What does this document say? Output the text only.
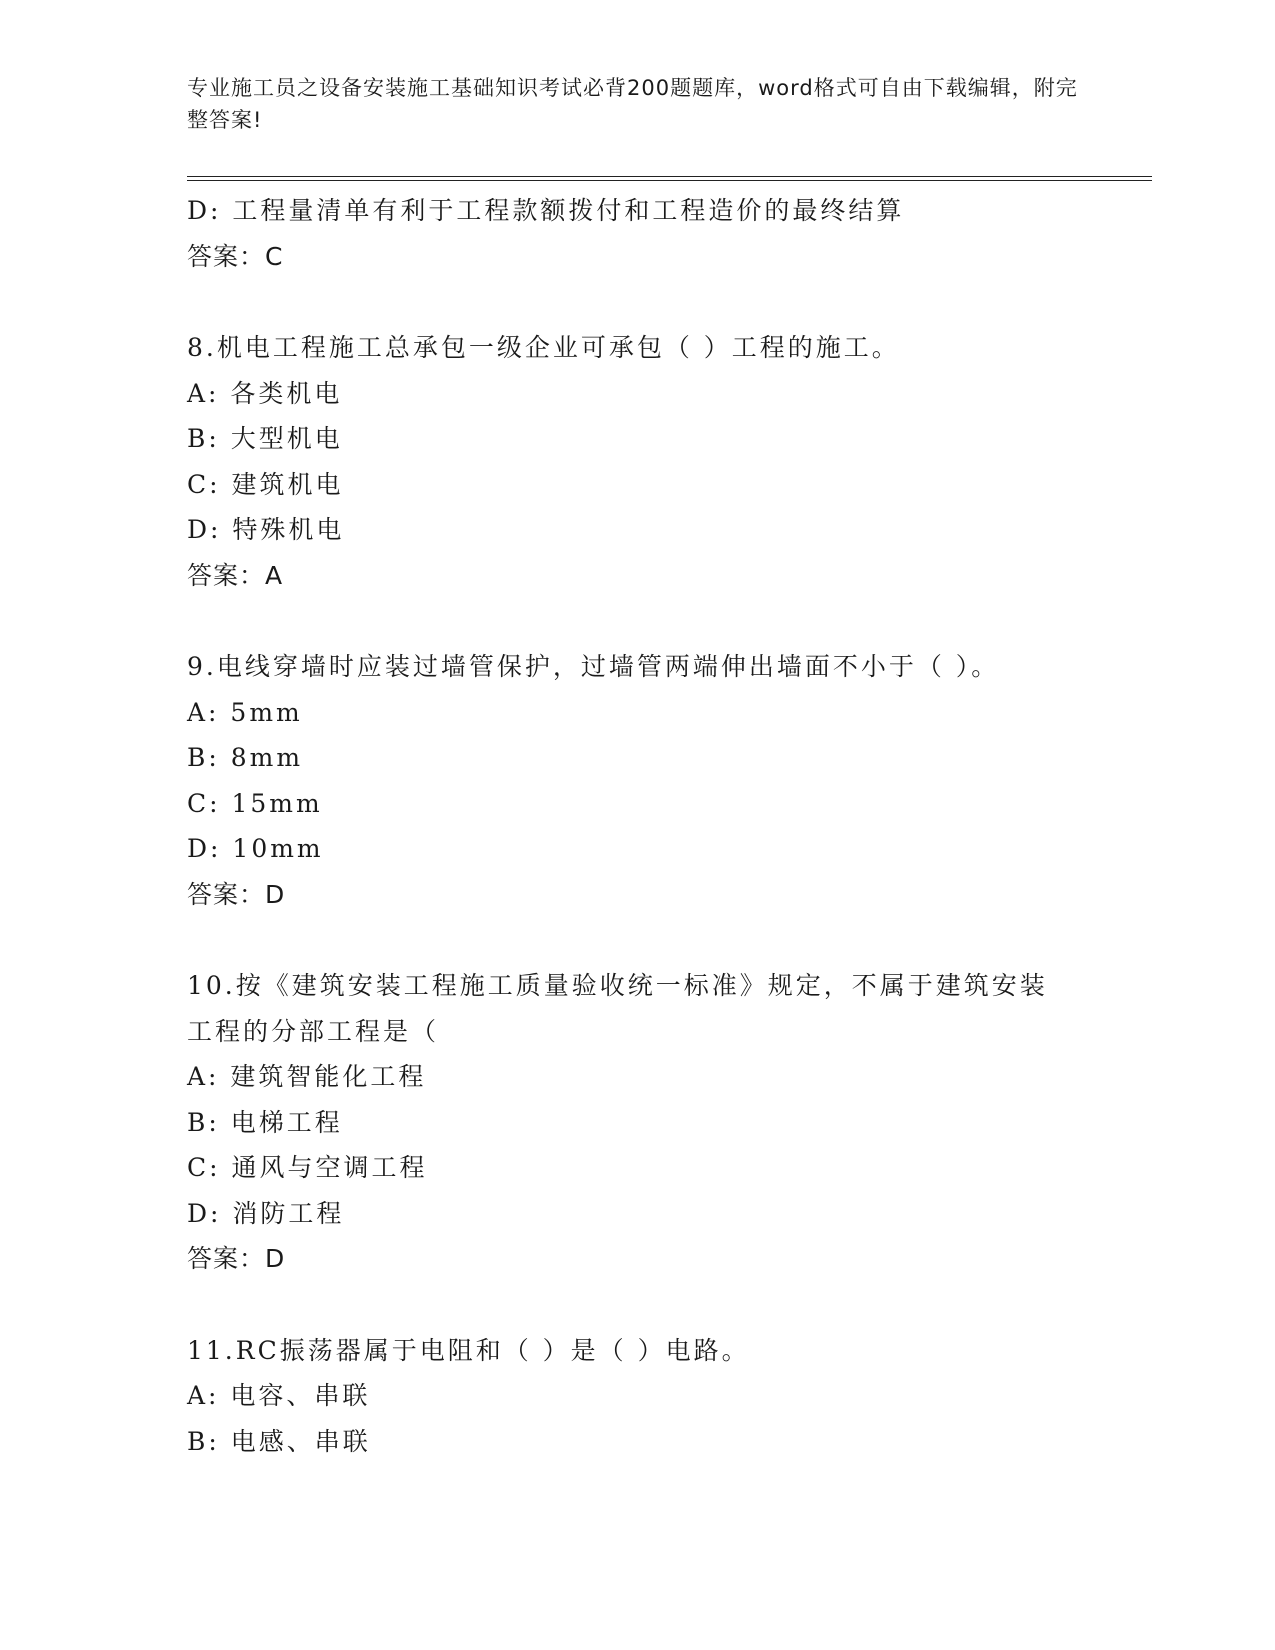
专业施工员之设备安装施工基础知识考试必背200题题库，word格式可自由下载编辑，附完整答案!
D: 工程量清单有利于工程款额拨付和工程造价的最终结算
答案：C
8.机电工程施工总承包一级企业可承包（ ）工程的施工。
A: 各类机电
B: 大型机电
C: 建筑机电
D: 特殊机电
答案：A
9.电线穿墙时应装过墙管保护，过墙管两端伸出墙面不小于（ ）。
A: 5mm
B: 8mm
C: 15mm
D: 10mm
答案：D
10.按《建筑安装工程施工质量验收统一标准》规定，不属于建筑安装
工程的分部工程是（
A: 建筑智能化工程
B: 电梯工程
C: 通风与空调工程
D: 消防工程
答案：D
11.RC振荡器属于电阻和（ ）是（ ）电路。
A: 电容、串联
B: 电感、串联
